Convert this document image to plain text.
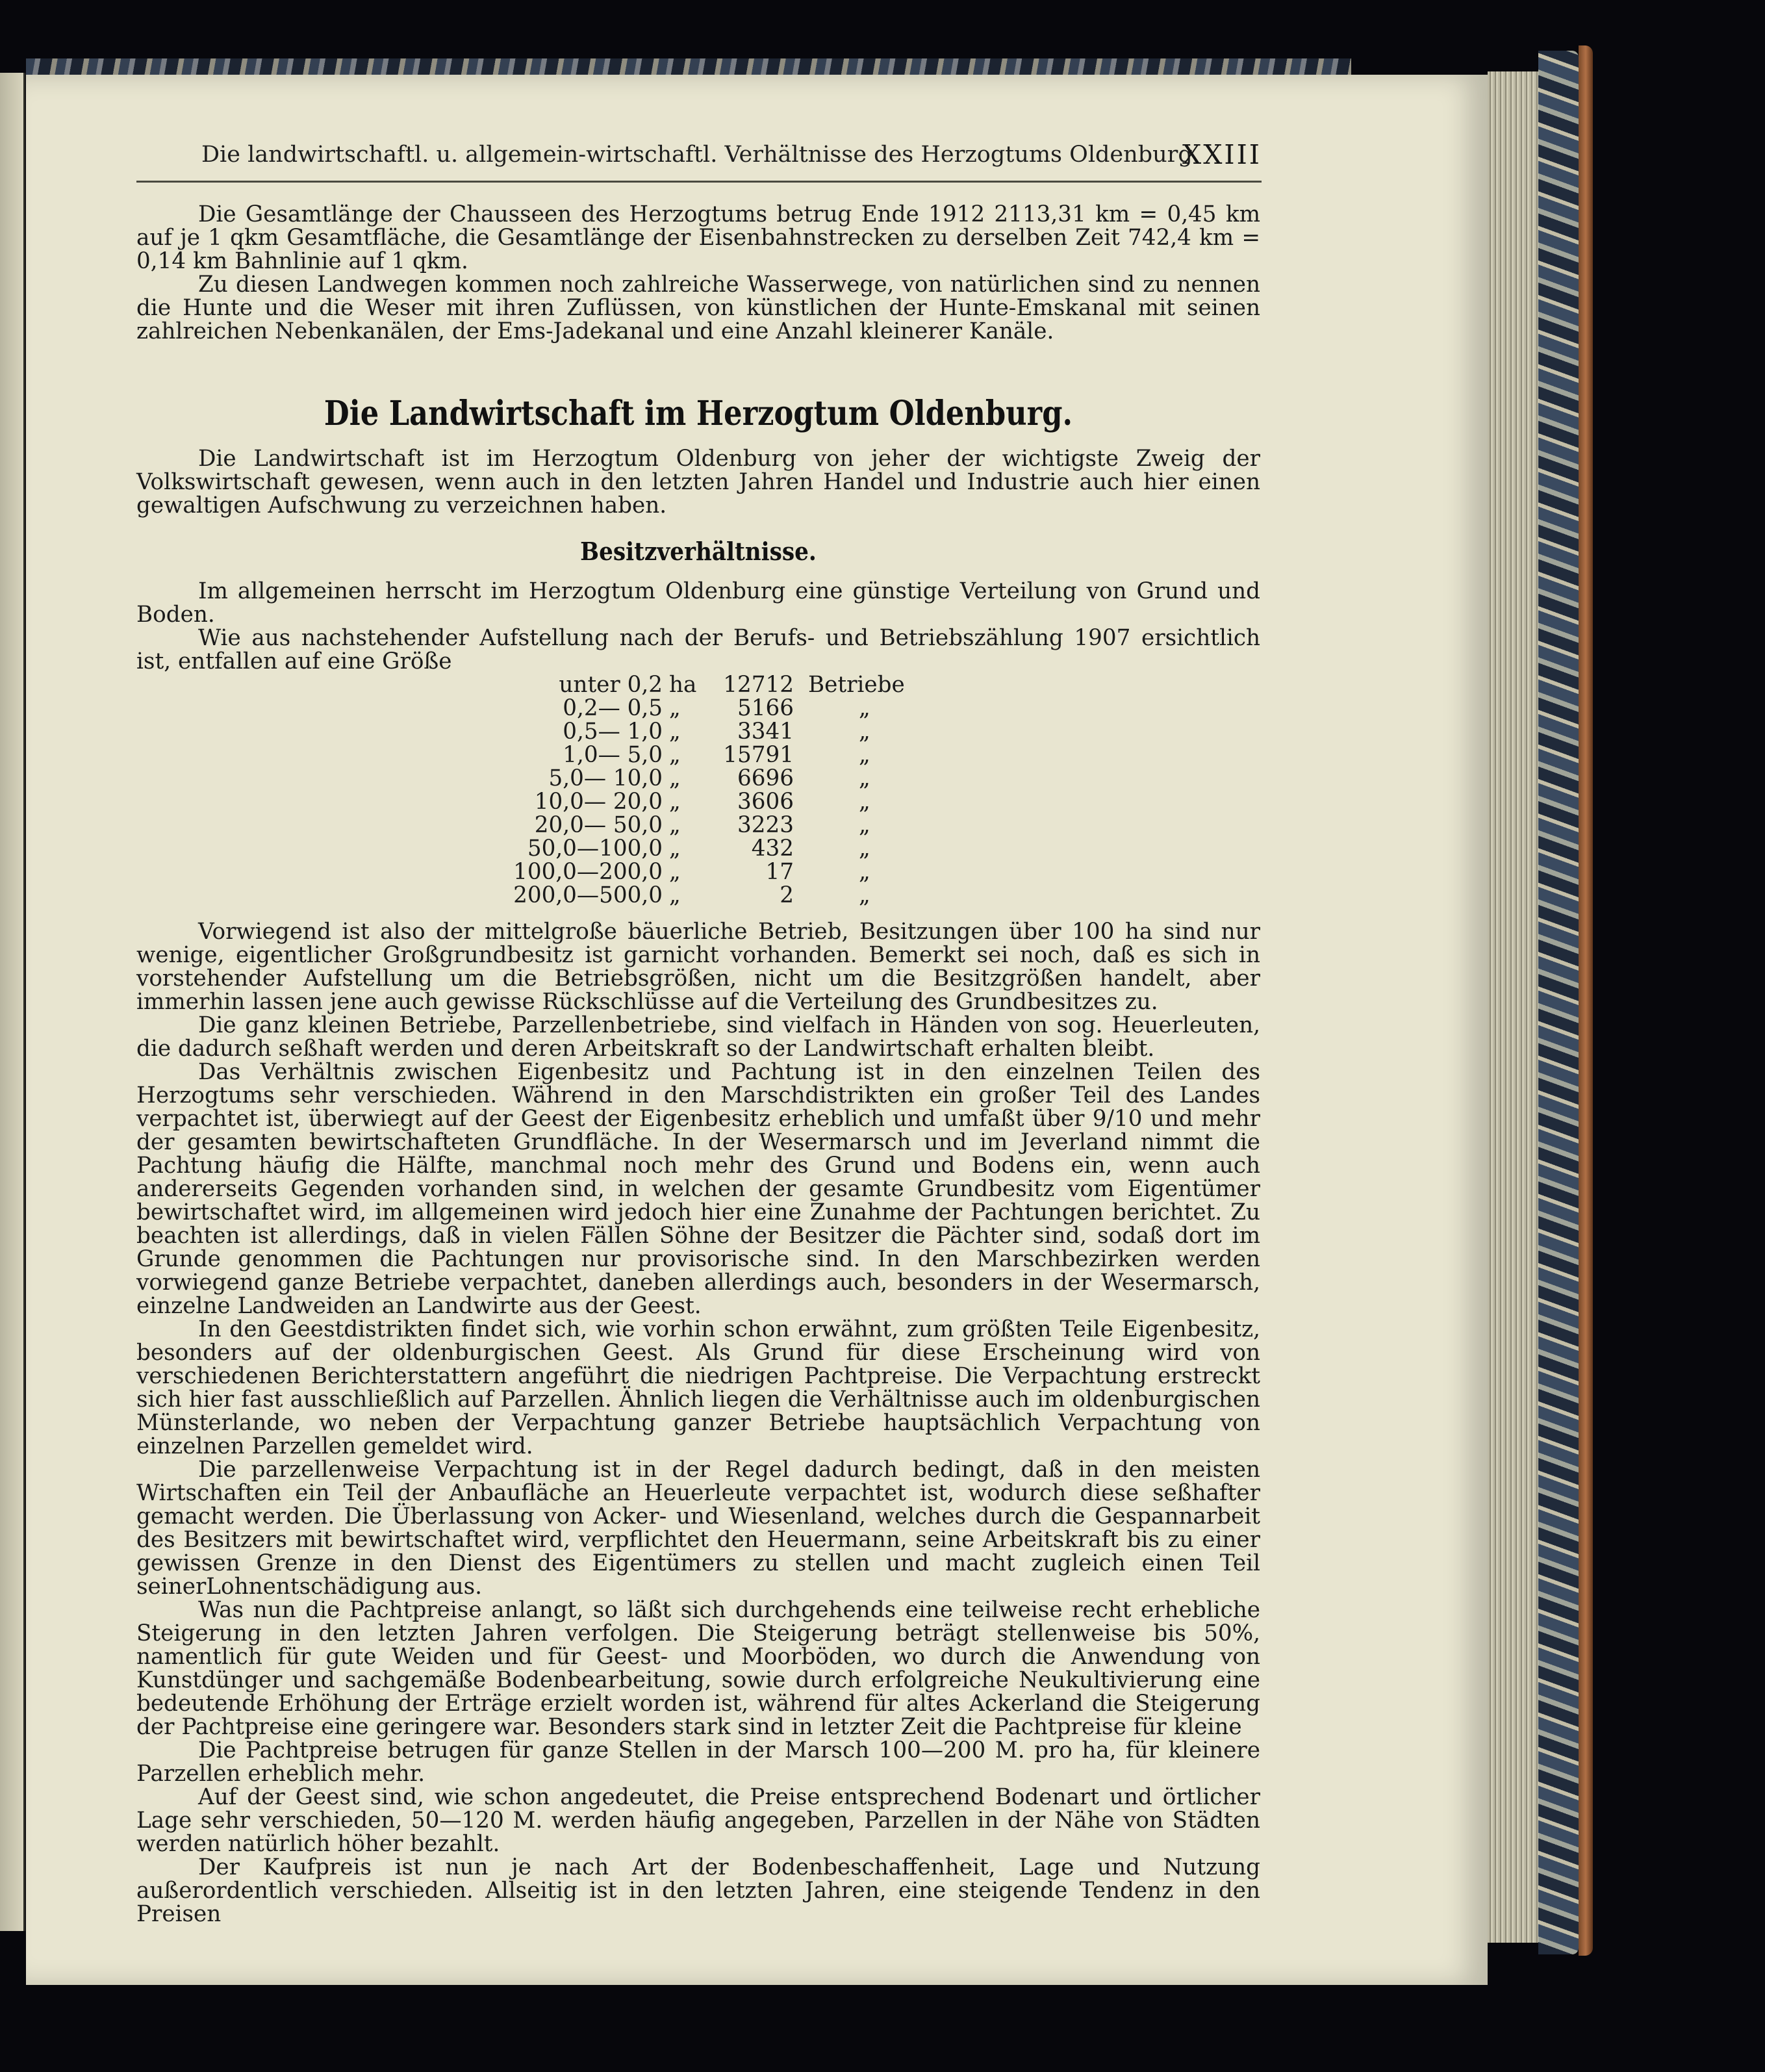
Die landwirtschaftl. u. allgemein-wirtschaftl. Verhältnisse des Herzogtums Oldenburg.
XXIII

Die Gesamtlänge der Chausseen des Herzogtums betrug Ende 1912 2113,31 km = 0,45 km auf je 1 qkm Gesamtfläche, die Gesamtlänge der Eisenbahnstrecken zu derselben Zeit 742,4 km = 0,14 km Bahnlinie auf 1 qkm.

Zu diesen Landwegen kommen noch zahlreiche Wasserwege, von natürlichen sind zu nennen die Hunte und die Weser mit ihren Zuflüssen, von künstlichen der Hunte-Emskanal mit seinen zahlreichen Nebenkanälen, der Ems-Jadekanal und eine Anzahl kleinerer Kanäle.

Die Landwirtschaft im Herzogtum Oldenburg.

Die Landwirtschaft ist im Herzogtum Oldenburg von jeher der wichtigste Zweig der Volkswirtschaft gewesen, wenn auch in den letzten Jahren Handel und Industrie auch hier einen gewaltigen Aufschwung zu verzeichnen haben.

Besitzverhältnisse.

Im allgemeinen herrscht im Herzogtum Oldenburg eine günstige Verteilung von Grund und Boden.

Wie aus nachstehender Aufstellung nach der Berufs- und Betriebszählung 1907 ersichtlich ist, entfallen auf eine Größe

unter 0,2	ha	12712	Betriebe
0,2— 0,5	„	5166	„
0,5— 1,0	„	3341	„
1,0— 5,0	„	15791	„
5,0— 10,0	„	6696	„
10,0— 20,0	„	3606	„
20,0— 50,0	„	3223	„
50,0—100,0	„	432	„
100,0—200,0	„	17	„
200,0—500,0	„	2	„

Vorwiegend ist also der mittelgroße bäuerliche Betrieb, Besitzungen über 100 ha sind nur wenige, eigentlicher Großgrundbesitz ist garnicht vorhanden. Bemerkt sei noch, daß es sich in vorstehender Aufstellung um die Betriebsgrößen, nicht um die Besitzgrößen handelt, aber immerhin lassen jene auch gewisse Rückschlüsse auf die Verteilung des Grundbesitzes zu.

Die ganz kleinen Betriebe, Parzellenbetriebe, sind vielfach in Händen von sog. Heuerleuten, die dadurch seßhaft werden und deren Arbeitskraft so der Landwirtschaft erhalten bleibt.

Das Verhältnis zwischen Eigenbesitz und Pachtung ist in den einzelnen Teilen des Herzogtums sehr verschieden. Während in den Marschdistrikten ein großer Teil des Landes verpachtet ist, überwiegt auf der Geest der Eigenbesitz erheblich und umfaßt über 9/10 und mehr der gesamten bewirtschafteten Grundfläche. In der Wesermarsch und im Jeverland nimmt die Pachtung häufig die Hälfte, manchmal noch mehr des Grund und Bodens ein, wenn auch andererseits Gegenden vorhanden sind, in welchen der gesamte Grundbesitz vom Eigentümer bewirtschaftet wird, im allgemeinen wird jedoch hier eine Zunahme der Pachtungen berichtet. Zu beachten ist allerdings, daß in vielen Fällen Söhne der Besitzer die Pächter sind, sodaß dort im Grunde genommen die Pachtungen nur provisorische sind. In den Marschbezirken werden vorwiegend ganze Betriebe verpachtet, daneben allerdings auch, besonders in der Wesermarsch, einzelne Landweiden an Landwirte aus der Geest.

In den Geestdistrikten findet sich, wie vorhin schon erwähnt, zum größten Teile Eigenbesitz, besonders auf der oldenburgischen Geest. Als Grund für diese Erscheinung wird von verschiedenen Berichterstattern angeführt die niedrigen Pachtpreise. Die Verpachtung erstreckt sich hier fast ausschließlich auf Parzellen. Ähnlich liegen die Verhältnisse auch im oldenburgischen Münsterlande, wo neben der Verpachtung ganzer Betriebe hauptsächlich Verpachtung von einzelnen Parzellen gemeldet wird.

Die parzellenweise Verpachtung ist in der Regel dadurch bedingt, daß in den meisten Wirtschaften ein Teil der Anbaufläche an Heuerleute verpachtet ist, wodurch diese seßhafter gemacht werden. Die Überlassung von Acker- und Wiesenland, welches durch die Gespannarbeit des Besitzers mit bewirtschaftet wird, verpflichtet den Heuermann, seine Arbeitskraft bis zu einer gewissen Grenze in den Dienst des Eigentümers zu stellen und macht zugleich einen Teil seinerLohnentschädigung aus.

Was nun die Pachtpreise anlangt, so läßt sich durchgehends eine teilweise recht erhebliche Steigerung in den letzten Jahren verfolgen. Die Steigerung beträgt stellenweise bis 50%, namentlich für gute Weiden und für Geest- und Moorböden, wo durch die Anwendung von Kunstdünger und sachgemäße Bodenbearbeitung, sowie durch erfolgreiche Neukultivierung eine bedeutende Erhöhung der Erträge erzielt worden ist, während für altes Ackerland die Steigerung der Pachtpreise eine geringere war. Besonders stark sind in letzter Zeit die Pachtpreise für kleine

Die Pachtpreise betrugen für ganze Stellen in der Marsch 100—200 M. pro ha, für kleinere Parzellen erheblich mehr.

Auf der Geest sind, wie schon angedeutet, die Preise entsprechend Bodenart und örtlicher Lage sehr verschieden, 50—120 M. werden häufig angegeben, Parzellen in der Nähe von Städten werden natürlich höher bezahlt.

Der Kaufpreis ist nun je nach Art der Bodenbeschaffenheit, Lage und Nutzung außerordentlich verschieden. Allseitig ist in den letzten Jahren, eine steigende Tendenz in den Preisen
